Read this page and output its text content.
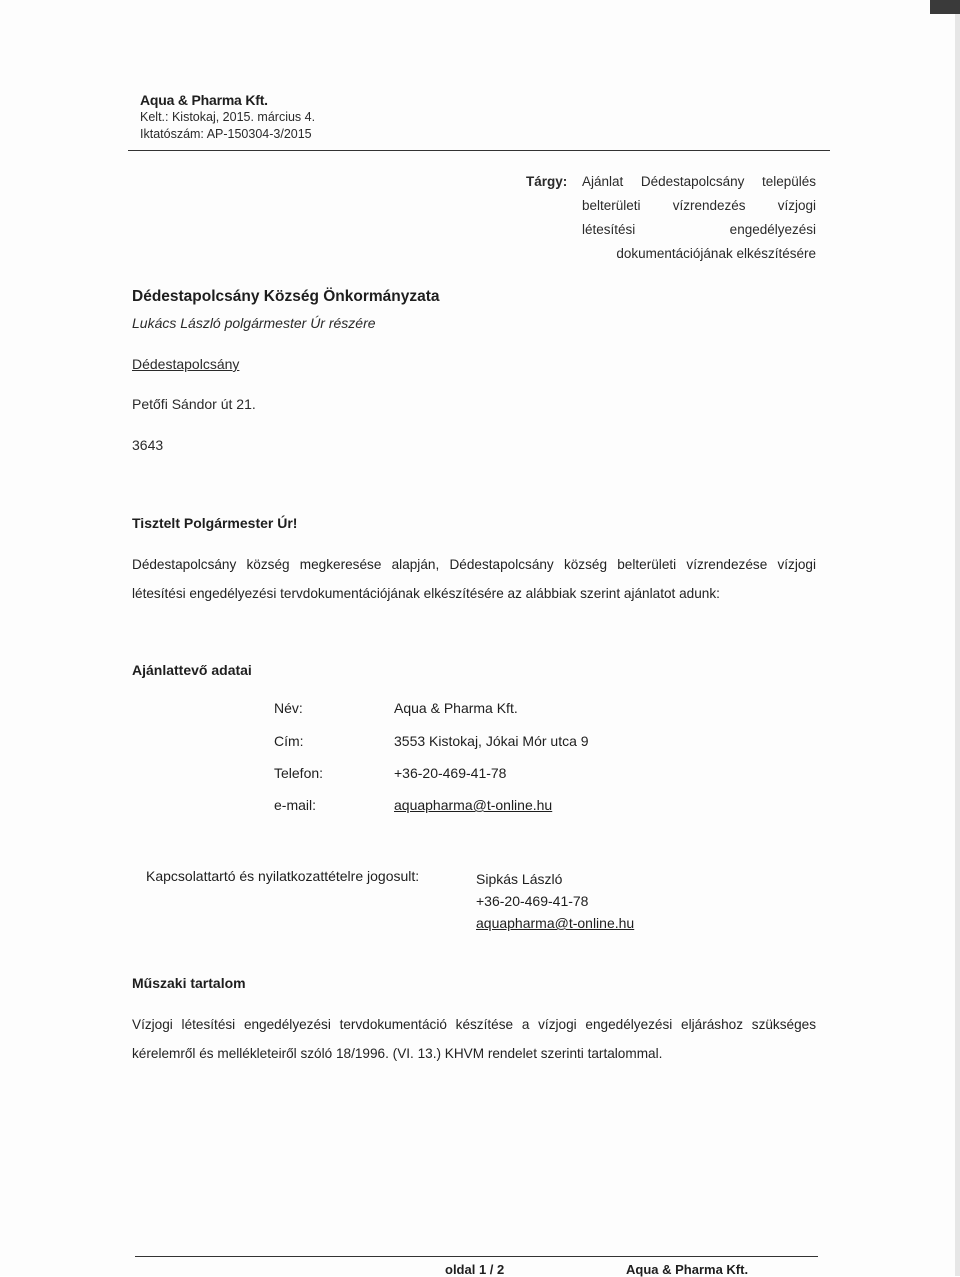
Aqua & Pharma Kft.
Kelt.: Kistokaj, 2015. március 4.
Iktatószám: AP-150304-3/2015
Tárgy: Ajánlat Dédestapolcsány település belterületi vízrendezés vízjogi létesítési engedélyezési dokumentációjának elkészítésére
Dédestapolcsány Község Önkormányzata
Lukács László polgármester Úr részére
Dédestapolcsány
Petőfi Sándor út 21.
3643
Tisztelt Polgármester Úr!
Dédestapolcsány község megkeresése alapján, Dédestapolcsány község belterületi vízrendezése vízjogi létesítési engedélyezési tervdokumentációjának elkészítésére az alábbiak szerint ajánlatot adunk:
Ajánlattevő adatai
Név:	Aqua & Pharma Kft.
Cím:	3553 Kistokaj, Jókai Mór utca 9
Telefon:	+36-20-469-41-78
e-mail:	aquapharma@t-online.hu
Kapcsolattartó és nyilatkozattételre jogosult:	Sipkás László
+36-20-469-41-78
aquapharma@t-online.hu
Műszaki tartalom
Vízjogi létesítési engedélyezési tervdokumentáció készítése a vízjogi engedélyezési eljáráshoz szükséges kérelemről és mellékleteiről szóló 18/1996. (VI. 13.) KHVM rendelet szerinti tartalommal.
oldal 1 / 2	Aqua & Pharma Kft.
